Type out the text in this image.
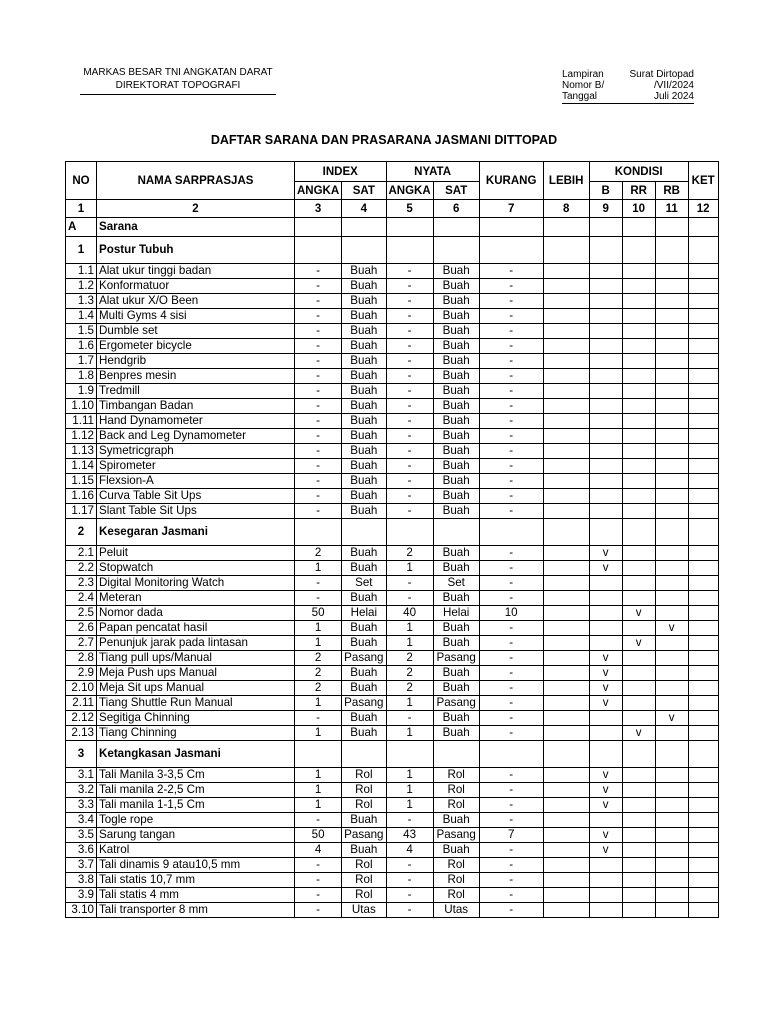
MARKAS BESAR TNI ANGKATAN DARAT
DIREKTORAT TOPOGRAFI
Lampiran	Surat Dirtopad
Nomor B/	/VII/2024
Tanggal	Juli 2024
DAFTAR SARANA DAN PRASARANA JASMANI DITTOPAD
NO	NAMA SARPRASJAS	INDEX		NYATA		KURANG	LEBIH	KONDISI			KET
		ANGKA	SAT	ANGKA	SAT			B	RR	RB	
1	2	3	4	5	6	7	8	9	10	11	12
A	Sarana										
1	Postur Tubuh										
1.1	Alat ukur tinggi badan	-	Buah	-	Buah	-					
1.2	Konformatuor	-	Buah	-	Buah	-					
1.3	Alat ukur X/O Been	-	Buah	-	Buah	-					
1.4	Multi Gyms 4 sisi	-	Buah	-	Buah	-					
1.5	Dumble set	-	Buah	-	Buah	-					
1.6	Ergometer bicycle	-	Buah	-	Buah	-					
1.7	Hendgrib	-	Buah	-	Buah	-					
1.8	Benpres mesin	-	Buah	-	Buah	-					
1.9	Tredmill	-	Buah	-	Buah	-					
1.10	Timbangan Badan	-	Buah	-	Buah	-					
1.11	Hand Dynamometer	-	Buah	-	Buah	-					
1.12	Back and Leg Dynamometer	-	Buah	-	Buah	-					
1.13	Symetricgraph	-	Buah	-	Buah	-					
1.14	Spirometer	-	Buah	-	Buah	-					
1.15	Flexsion-A	-	Buah	-	Buah	-					
1.16	Curva Table Sit Ups	-	Buah	-	Buah	-					
1.17	Slant Table Sit Ups	-	Buah	-	Buah	-					
2	Kesegaran Jasmani										
2.1	Peluit	2	Buah	2	Buah	-		v			
2.2	Stopwatch	1	Buah	1	Buah	-		v			
2.3	Digital Monitoring Watch	-	Set	-	Set	-					
2.4	Meteran	-	Buah	-	Buah	-					
2.5	Nomor dada	50	Helai	40	Helai	10			v		
2.6	Papan pencatat hasil	1	Buah	1	Buah	-				v	
2.7	Penunjuk jarak pada lintasan	1	Buah	1	Buah	-			v		
2.8	Tiang pull ups/Manual	2	Pasang	2	Pasang	-		v			
2.9	Meja Push ups Manual	2	Buah	2	Buah	-		v			
2.10	Meja Sit ups Manual	2	Buah	2	Buah	-		v			
2.11	Tiang Shuttle Run Manual	1	Pasang	1	Pasang	-		v			
2.12	Segitiga Chinning	-	Buah	-	Buah	-				v	
2.13	Tiang Chinning	1	Buah	1	Buah	-			v		
3	Ketangkasan Jasmani										
3.1	Tali Manila 3-3,5 Cm	1	Rol	1	Rol	-		v			
3.2	Tali manila 2-2,5 Cm	1	Rol	1	Rol	-		v			
3.3	Tali manila 1-1,5 Cm	1	Rol	1	Rol	-		v			
3.4	Togle rope	-	Buah	-	Buah	-					
3.5	Sarung tangan	50	Pasang	43	Pasang	7		v			
3.6	Katrol	4	Buah	4	Buah	-		v			
3.7	Tali dinamis 9 atau10,5 mm	-	Rol	-	Rol	-					
3.8	Tali statis 10,7 mm	-	Rol	-	Rol	-					
3.9	Tali statis 4 mm	-	Rol	-	Rol	-					
3.10	Tali transporter 8 mm	-	Utas	-	Utas	-					
